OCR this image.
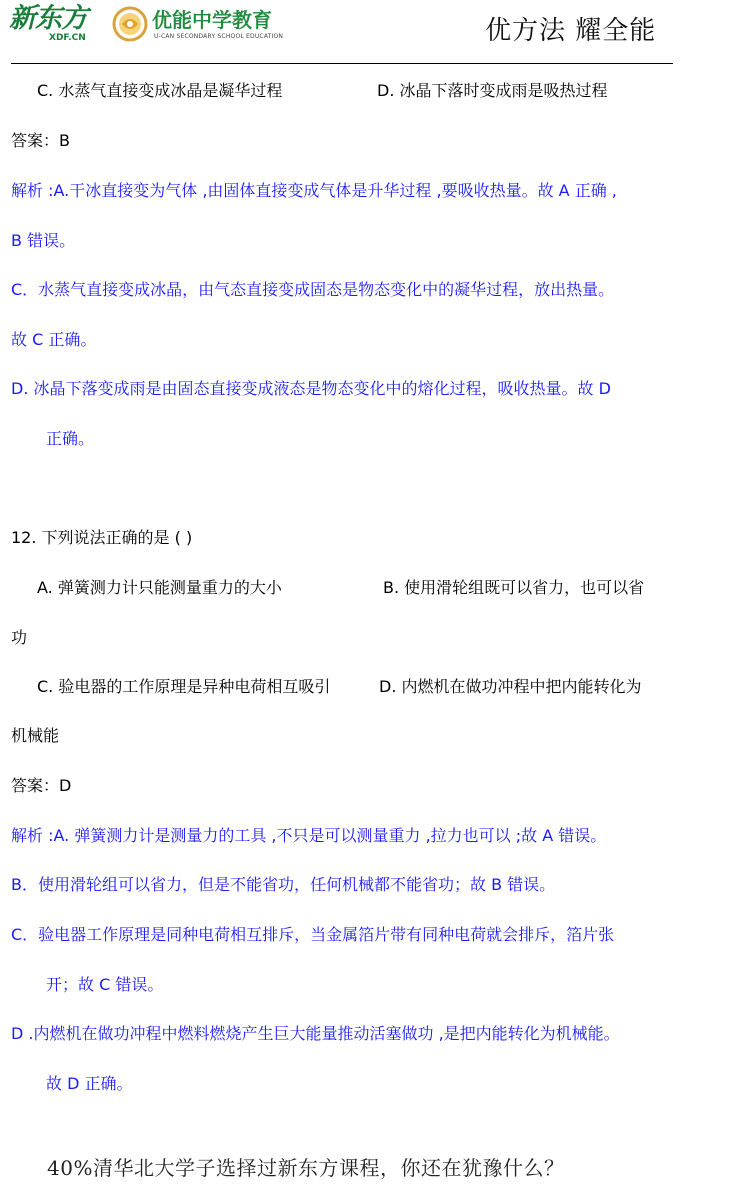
新东方
XDF.CN
优能中学教育
U-CAN SECONDARY SCHOOL EDUCATION	优方法 耀全能
C. 水蒸气直接变成冰晶是凝华过程	D. 冰晶下落时变成雨是吸热过程
答案：B
解析 :A.干冰直接变为气体 ,由固体直接变成气体是升华过程 ,要吸收热量。故 A 正确 ,
B 错误。
C．水蒸气直接变成冰晶，由气态直接变成固态是物态变化中的凝华过程，放出热量。
故 C 正确。
D. 冰晶下落变成雨是由固态直接变成液态是物态变化中的熔化过程，吸收热量。故 D
正确。
12. 下列说法正确的是 ( )
A. 弹簧测力计只能测量重力的大小	B. 使用滑轮组既可以省力，也可以省
功
C. 验电器的工作原理是异种电荷相互吸引	D. 内燃机在做功冲程中把内能转化为
机械能
答案：D
解析 :A. 弹簧测力计是测量力的工具 ,不只是可以测量重力 ,拉力也可以 ;故 A 错误。
B．使用滑轮组可以省力，但是不能省功，任何机械都不能省功；故 B 错误。
C．验电器工作原理是同种电荷相互排斥，当金属箔片带有同种电荷就会排斥，箔片张
开；故 C 错误。
D .内燃机在做功冲程中燃料燃烧产生巨大能量推动活塞做功 ,是把内能转化为机械能。
故 D 正确。
40%清华北大学子选择过新东方课程，你还在犹豫什么？
